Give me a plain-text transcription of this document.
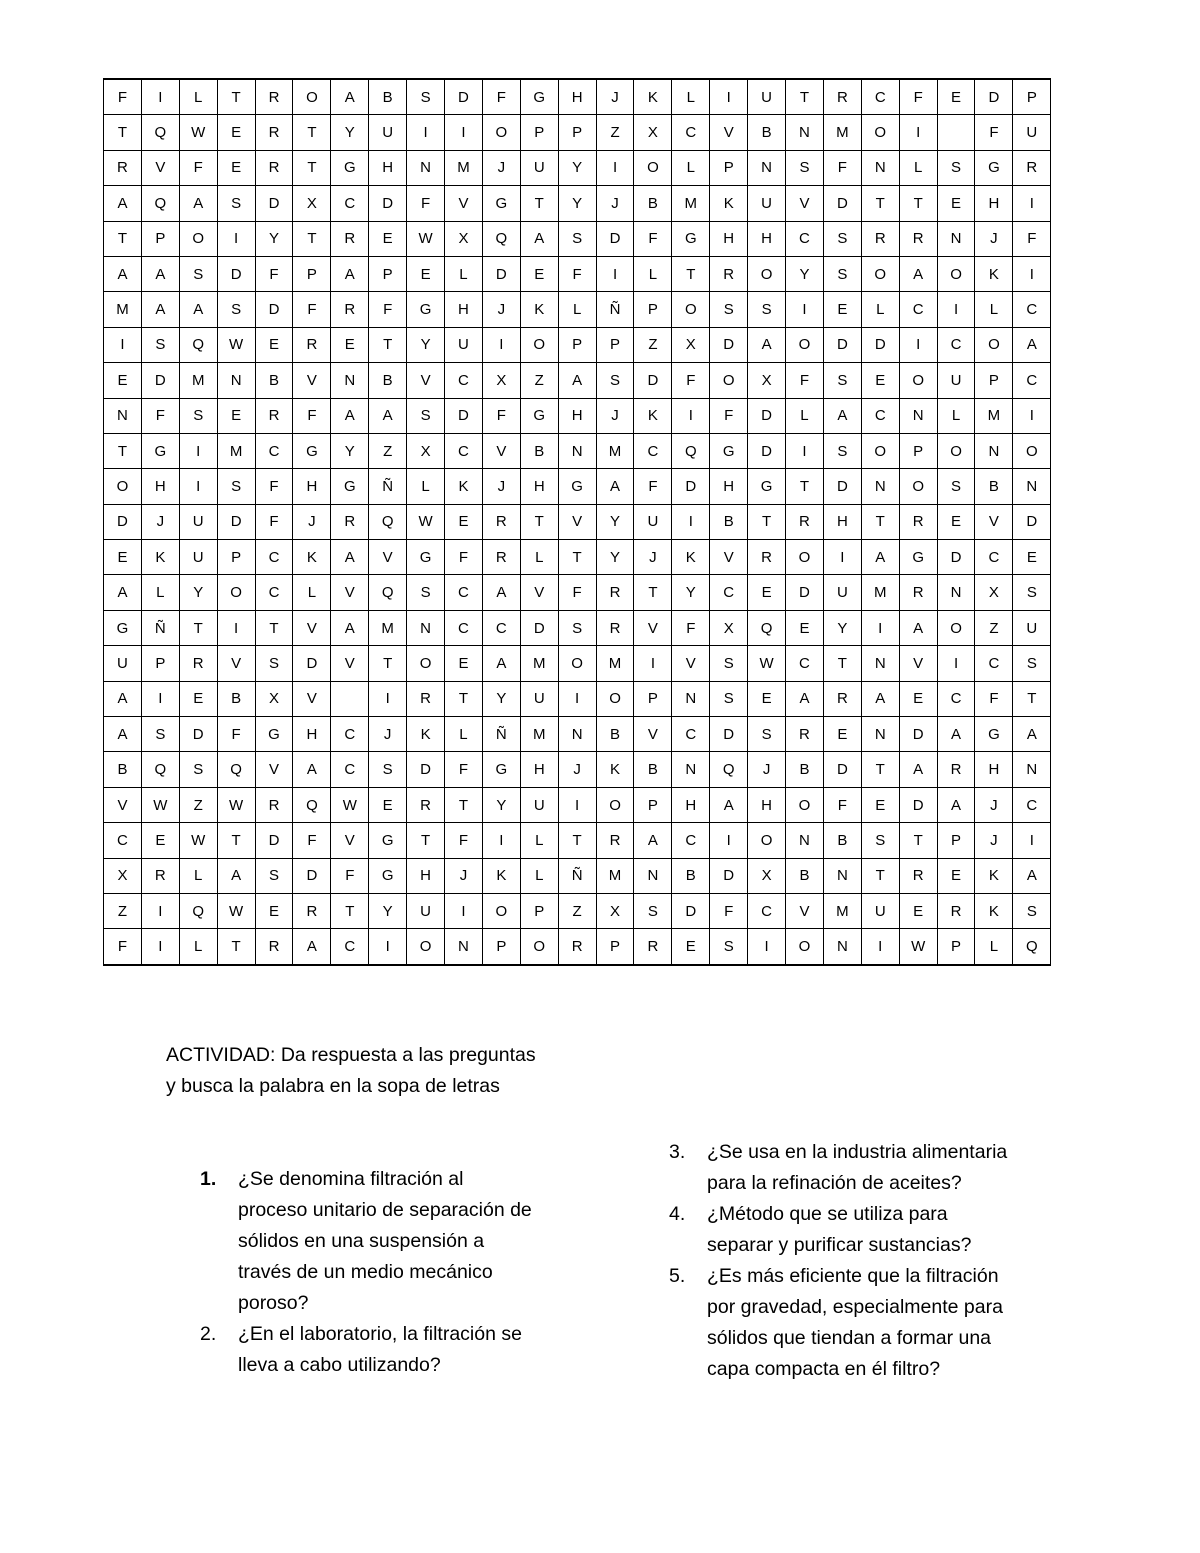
F	I	L	T	R	O	A	B	S	D	F	G	H	J	K	L	I	U	T	R	C	F	E	D	P
T	Q	W	E	R	T	Y	U	I	I	O	P	P	Z	X	C	V	B	N	M	O	I		F	U
R	V	F	E	R	T	G	H	N	M	J	U	Y	I	O	L	P	N	S	F	N	L	S	G	R
A	Q	A	S	D	X	C	D	F	V	G	T	Y	J	B	M	K	U	V	D	T	T	E	H	I
T	P	O	I	Y	T	R	E	W	X	Q	A	S	D	F	G	H	H	C	S	R	R	N	J	F
A	A	S	D	F	P	A	P	E	L	D	E	F	I	L	T	R	O	Y	S	O	A	O	K	I
M	A	A	S	D	F	R	F	G	H	J	K	L	Ñ	P	O	S	S	I	E	L	C	I	L	C
I	S	Q	W	E	R	E	T	Y	U	I	O	P	P	Z	X	D	A	O	D	D	I	C	O	A
E	D	M	N	B	V	N	B	V	C	X	Z	A	S	D	F	O	X	F	S	E	O	U	P	C
N	F	S	E	R	F	A	A	S	D	F	G	H	J	K	I	F	D	L	A	C	N	L	M	I
T	G	I	M	C	G	Y	Z	X	C	V	B	N	M	C	Q	G	D	I	S	O	P	O	N	O
O	H	I	S	F	H	G	Ñ	L	K	J	H	G	A	F	D	H	G	T	D	N	O	S	B	N
D	J	U	D	F	J	R	Q	W	E	R	T	V	Y	U	I	B	T	R	H	T	R	E	V	D
E	K	U	P	C	K	A	V	G	F	R	L	T	Y	J	K	V	R	O	I	A	G	D	C	E
A	L	Y	O	C	L	V	Q	S	C	A	V	F	R	T	Y	C	E	D	U	M	R	N	X	S
G	Ñ	T	I	T	V	A	M	N	C	C	D	S	R	V	F	X	Q	E	Y	I	A	O	Z	U
U	P	R	V	S	D	V	T	O	E	A	M	O	M	I	V	S	W	C	T	N	V	I	C	S
A	I	E	B	X	V		I	R	T	Y	U	I	O	P	N	S	E	A	R	A	E	C	F	T
A	S	D	F	G	H	C	J	K	L	Ñ	M	N	B	V	C	D	S	R	E	N	D	A	G	A
B	Q	S	Q	V	A	C	S	D	F	G	H	J	K	B	N	Q	J	B	D	T	A	R	H	N
V	W	Z	W	R	Q	W	E	R	T	Y	U	I	O	P	H	A	H	O	F	E	D	A	J	C
C	E	W	T	D	F	V	G	T	F	I	L	T	R	A	C	I	O	N	B	S	T	P	J	I
X	R	L	A	S	D	F	G	H	J	K	L	Ñ	M	N	B	D	X	B	N	T	R	E	K	A
Z	I	Q	W	E	R	T	Y	U	I	O	P	Z	X	S	D	F	C	V	M	U	E	R	K	S
F	I	L	T	R	A	C	I	O	N	P	O	R	P	R	E	S	I	O	N	I	W	P	L	Q
ACTIVIDAD: Da respuesta a las preguntas
y busca la palabra en la sopa de letras
1. ¿Se denomina filtración al
proceso unitario de separación de
sólidos en una suspensión a
través de un medio mecánico
poroso?
2. ¿En el laboratorio, la filtración se
lleva a cabo utilizando?
3. ¿Se usa en la industria alimentaria
para la refinación de aceites?
4. ¿Método que se utiliza para
separar y purificar sustancias?
5. ¿Es más eficiente que la filtración
por gravedad, especialmente para
sólidos que tiendan a formar una
capa compacta en él filtro?
